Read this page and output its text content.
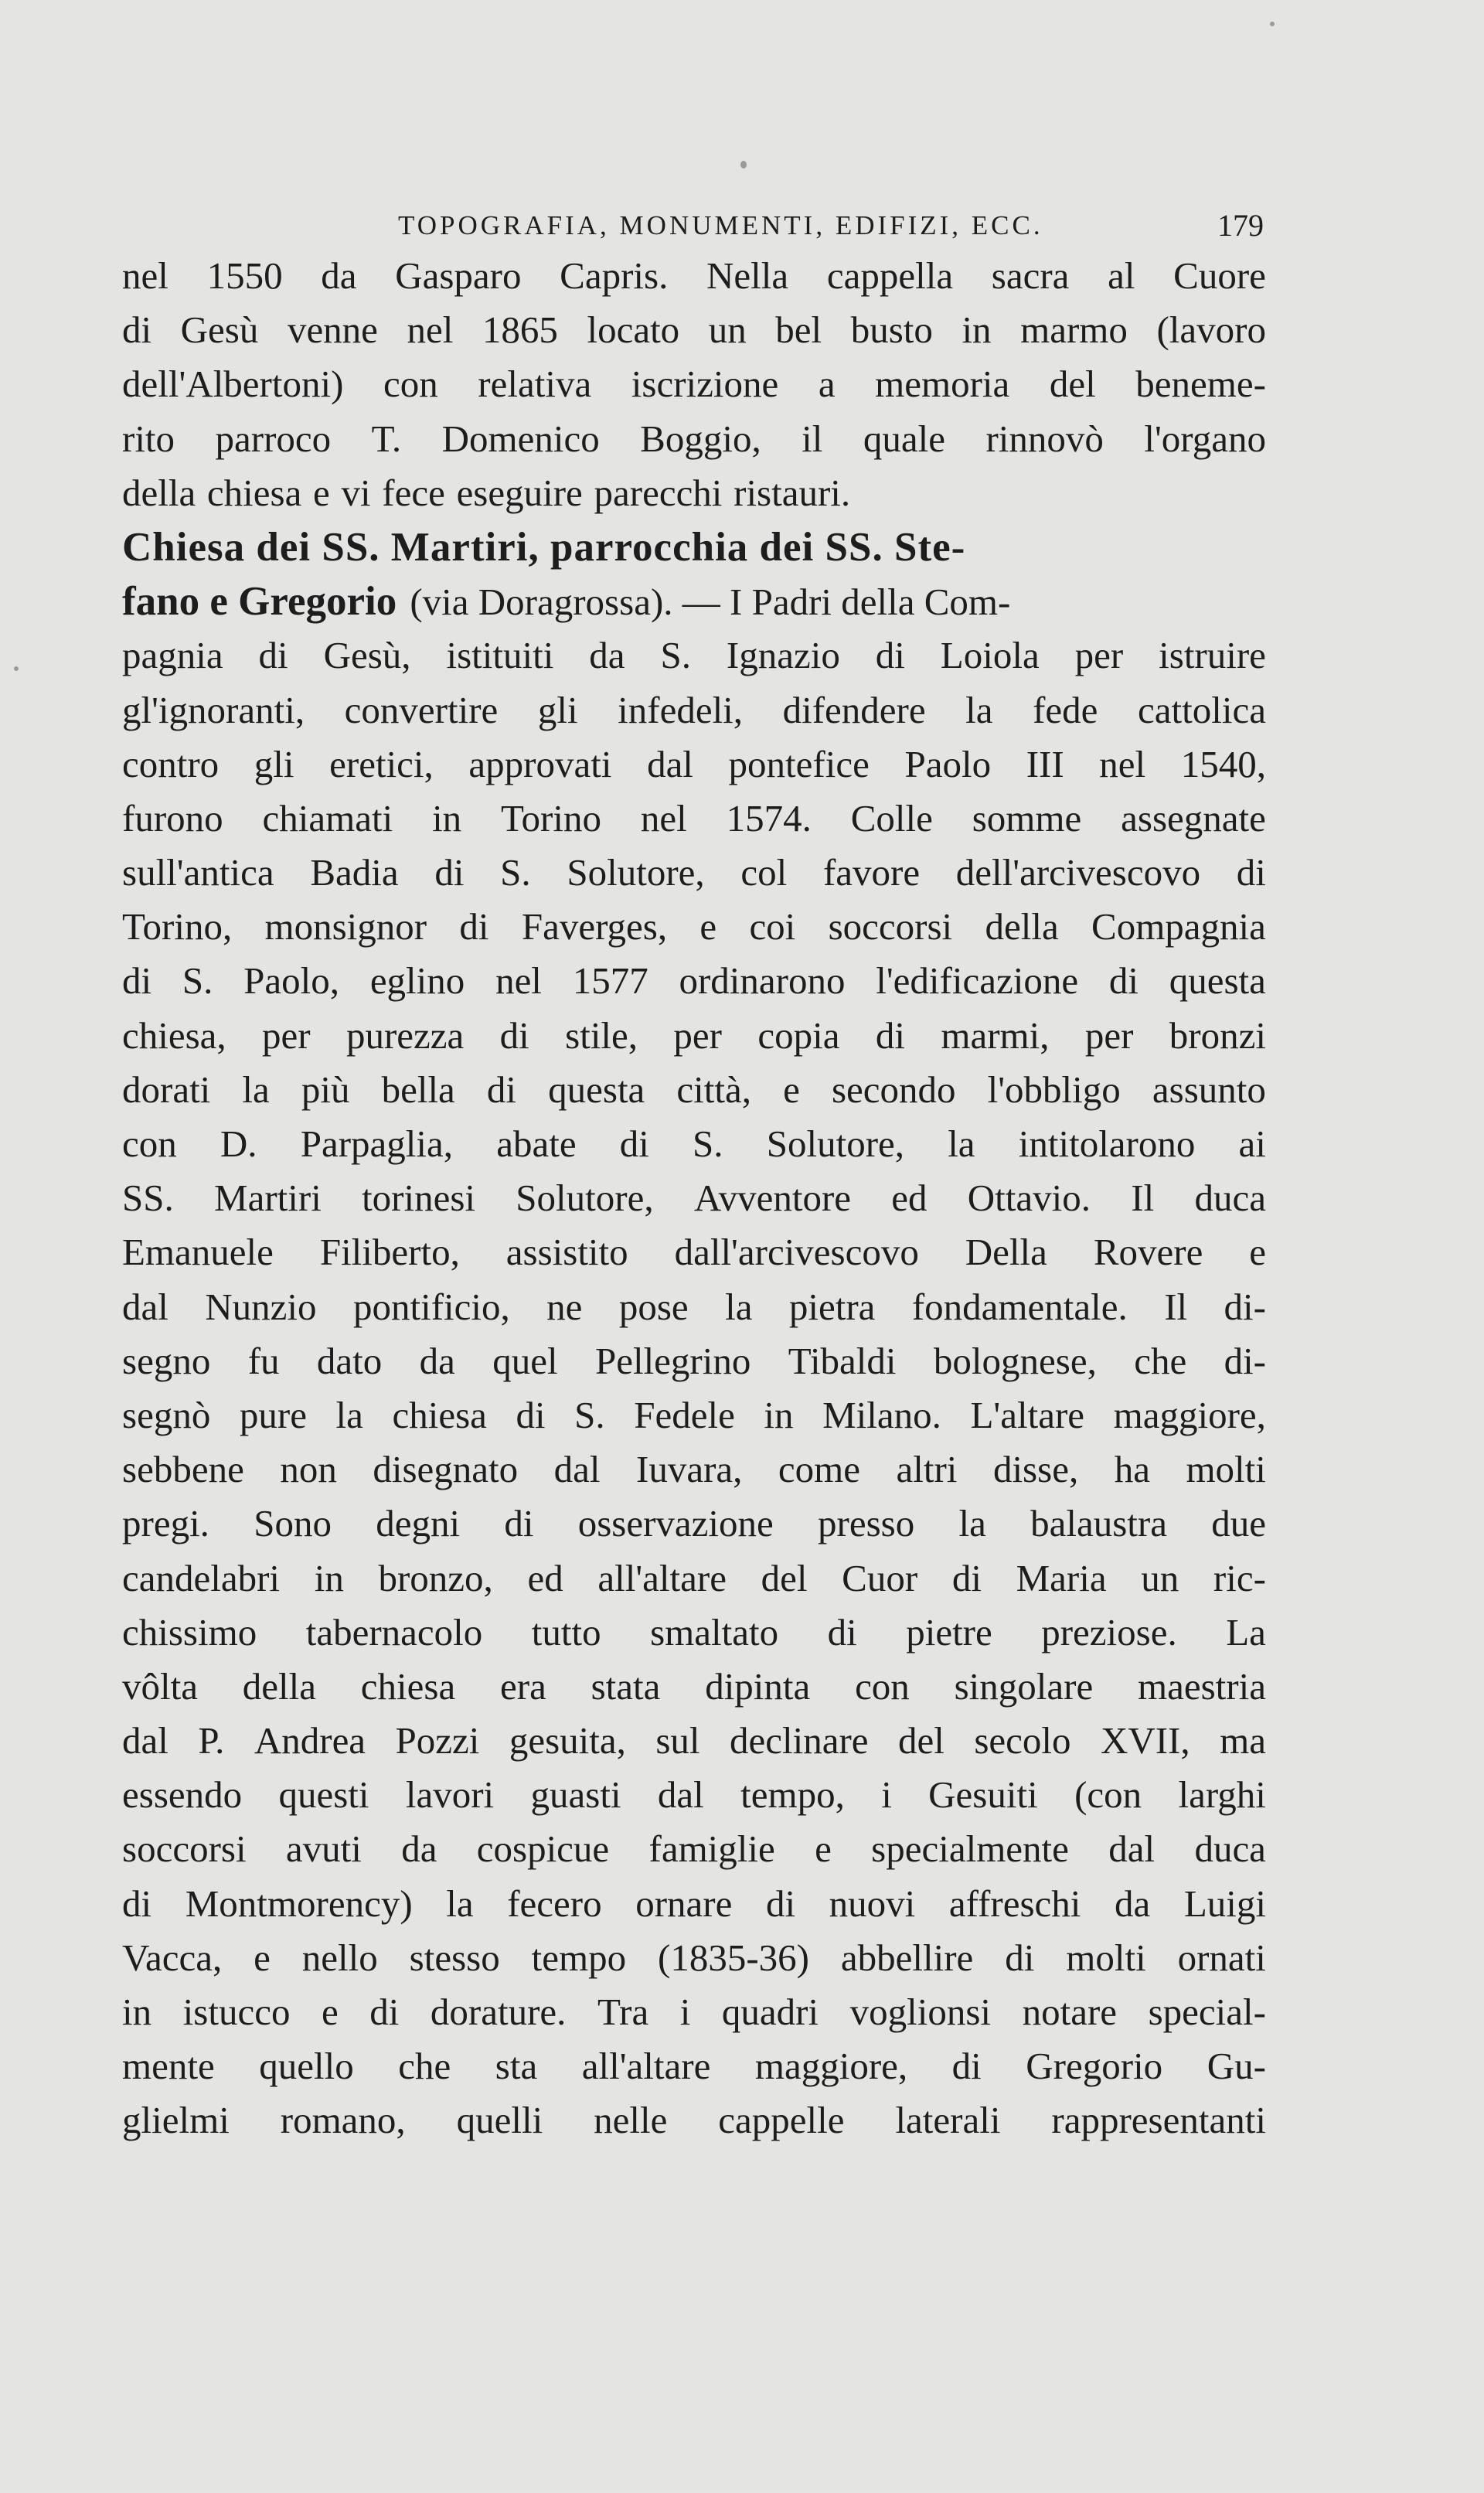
TOPOGRAFIA, MONUMENTI, EDIFIZI, ECC.	179
nel 1550 da Gasparo Capris. Nella cappella sacra al Cuore
di Gesù venne nel 1865 locato un bel busto in marmo (lavoro
dell'Albertoni) con relativa iscrizione a memoria del beneme-
rito parroco T. Domenico Boggio, il quale rinnovò l'organo
della chiesa e vi fece eseguire parecchi ristauri.
Chiesa dei SS. Martiri, parrocchia dei SS. Ste-
fano e Gregorio (via Doragrossa). — I Padri della Com-
pagnia di Gesù, istituiti da S. Ignazio di Loiola per istruire
gl'ignoranti, convertire gli infedeli, difendere la fede cattolica
contro gli eretici, approvati dal pontefice Paolo III nel 1540,
furono chiamati in Torino nel 1574. Colle somme assegnate
sull'antica Badia di S. Solutore, col favore dell'arcivescovo di
Torino, monsignor di Faverges, e coi soccorsi della Compagnia
di S. Paolo, eglino nel 1577 ordinarono l'edificazione di questa
chiesa, per purezza di stile, per copia di marmi, per bronzi
dorati la più bella di questa città, e secondo l'obbligo assunto
con D. Parpaglia, abate di S. Solutore, la intitolarono ai
SS. Martiri torinesi Solutore, Avventore ed Ottavio. Il duca
Emanuele Filiberto, assistito dall'arcivescovo Della Rovere e
dal Nunzio pontificio, ne pose la pietra fondamentale. Il di-
segno fu dato da quel Pellegrino Tibaldi bolognese, che di-
segnò pure la chiesa di S. Fedele in Milano. L'altare maggiore,
sebbene non disegnato dal Iuvara, come altri disse, ha molti
pregi. Sono degni di osservazione presso la balaustra due
candelabri in bronzo, ed all'altare del Cuor di Maria un ric-
chissimo tabernacolo tutto smaltato di pietre preziose. La
vôlta della chiesa era stata dipinta con singolare maestria
dal P. Andrea Pozzi gesuita, sul declinare del secolo XVII, ma
essendo questi lavori guasti dal tempo, i Gesuiti (con larghi
soccorsi avuti da cospicue famiglie e specialmente dal duca
di Montmorency) la fecero ornare di nuovi affreschi da Luigi
Vacca, e nello stesso tempo (1835-36) abbellire di molti ornati
in istucco e di dorature. Tra i quadri voglionsi notare special-
mente quello che sta all'altare maggiore, di Gregorio Gu-
glielmi romano, quelli nelle cappelle laterali rappresentanti
